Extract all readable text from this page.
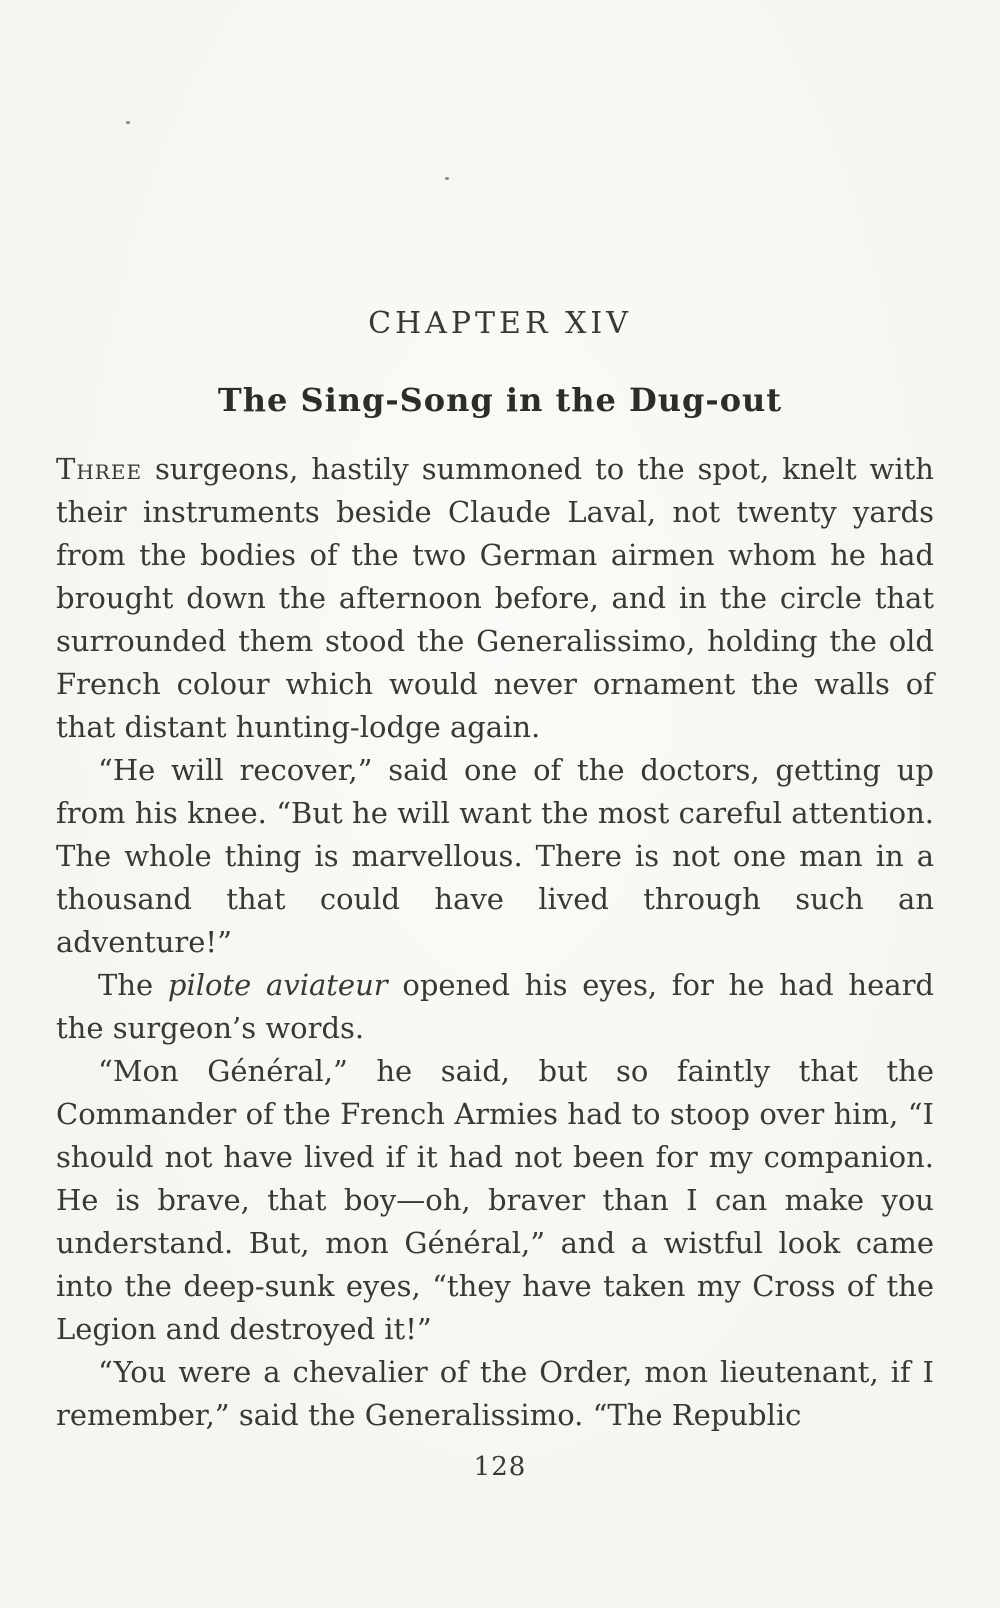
CHAPTER XIV
The Sing-Song in the Dug-out

Three surgeons, hastily summoned to the spot, knelt with their instruments beside Claude Laval, not twenty yards from the bodies of the two German airmen whom he had brought down the afternoon before, and in the circle that surrounded them stood the Generalissimo, holding the old French colour which would never ornament the walls of that distant hunting-lodge again.

“He will recover,” said one of the doctors, getting up from his knee. “But he will want the most careful attention. The whole thing is marvellous. There is not one man in a thousand that could have lived through such an adventure!”

The pilote aviateur opened his eyes, for he had heard the surgeon’s words.

“Mon Général,” he said, but so faintly that the Commander of the French Armies had to stoop over him, “I should not have lived if it had not been for my companion. He is brave, that boy—oh, braver than I can make you understand. But, mon Général,” and a wistful look came into the deep-sunk eyes, “they have taken my Cross of the Legion and destroyed it!”

“You were a chevalier of the Order, mon lieutenant, if I remember,” said the Generalissimo. “The Republic

128
